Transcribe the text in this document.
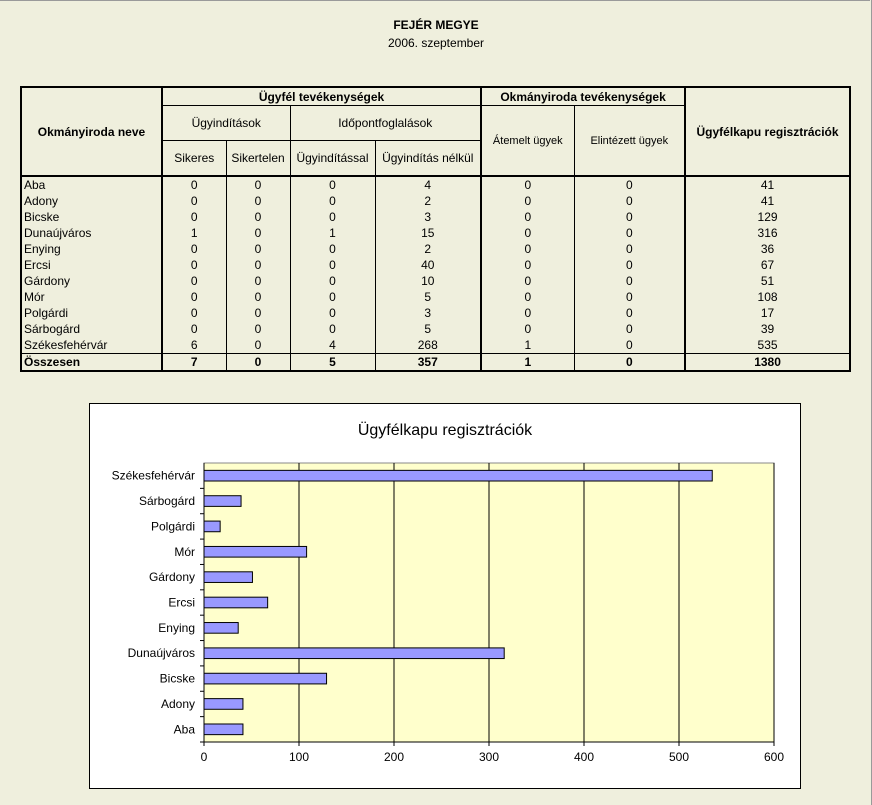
FEJÉR MEGYE
2006. szeptember
Okmányiroda neve	Ügyfél tevékenységek				Okmányiroda tevékenységek		Ügyfélkapu regisztrációk
	Ügyindítások		Időpontfoglalások		Átemelt ügyek	Elintézett ügyek	
	Sikeres	Sikertelen	Ügyindítással	Ügyindítás nélkül			
Aba	0	0	0	4	0	0	41
Adony	0	0	0	2	0	0	41
Bicske	0	0	0	3	0	0	129
Dunaújváros	1	0	1	15	0	0	316
Enying	0	0	0	2	0	0	36
Ercsi	0	0	0	40	0	0	67
Gárdony	0	0	0	10	0	0	51
Mór	0	0	0	5	0	0	108
Polgárdi	0	0	0	3	0	0	17
Sárbogárd	0	0	0	5	0	0	39
Székesfehérvár	6	0	4	268	1	0	535
Összesen	7	0	5	357	1	0	1380
Ügyfélkapu regisztrációk
0	100	200	300	400	500	600
Aba
Adony
Bicske
Dunaújváros
Enying
Ercsi
Gárdony
Mór
Polgárdi
Sárbogárd
Székesfehérvár
